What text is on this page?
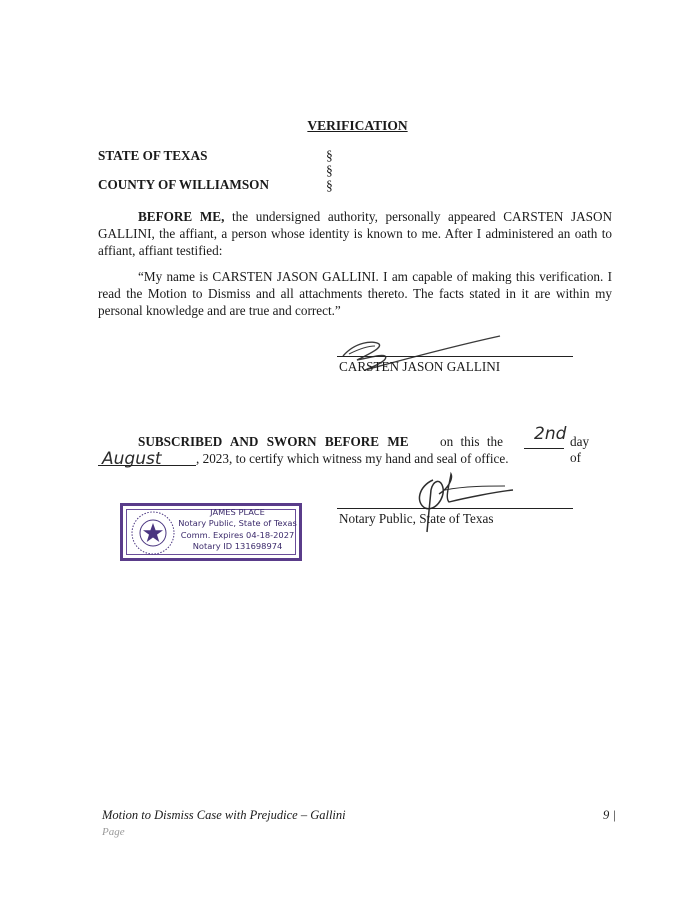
VERIFICATION
STATE OF TEXAS
COUNTY OF WILLIAMSON
§
§
§
BEFORE ME, the undersigned authority, personally appeared CARSTEN JASON GALLINI, the affiant, a person whose identity is known to me. After I administered an oath to affiant, affiant testified:
“My name is CARSTEN JASON GALLINI. I am capable of making this verification. I read the Motion to Dismiss and all attachments thereto. The facts stated in it are within my personal knowledge and are true and correct.”
CARSTEN JASON GALLINI
SUBSCRIBED AND SWORN BEFORE ME on this the 2nd day of
August	, 2023, to certify which witness my hand and seal of office.
JAMES PLACE
Notary Public, State of Texas
Comm. Expires 04-18-2027
Notary ID 131698974
Notary Public, State of Texas
Motion to Dismiss Case with Prejudice – Gallini
Page
9 |
